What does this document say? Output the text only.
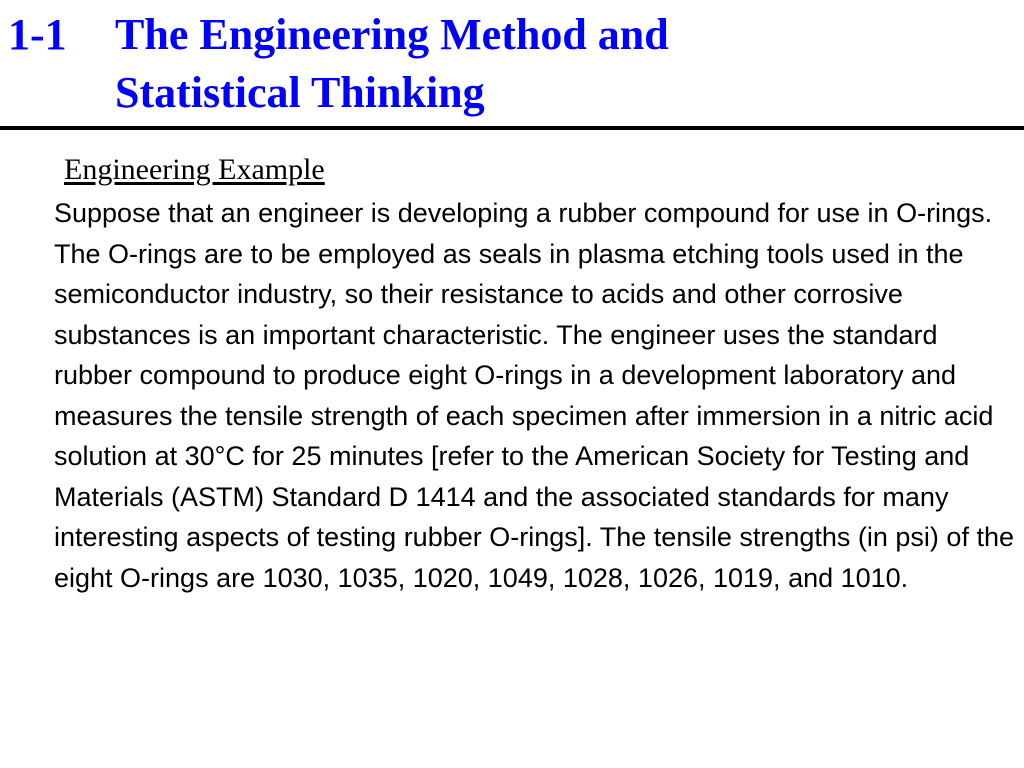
1-1 The Engineering Method and
Statistical Thinking
Engineering Example

Suppose that an engineer is developing a rubber compound for use in O-rings. The O-rings are to be employed as seals in plasma etching tools used in the semiconductor industry, so their resistance to acids and other corrosive substances is an important characteristic. The engineer uses the standard rubber compound to produce eight O-rings in a development laboratory and

measures the tensile strength of each specimen after immersion in a nitric acid solution at 30°C for 25 minutes [refer to the American Society for Testing and Materials (ASTM) Standard D 1414 and the associated standards for many interesting aspects of testing rubber O-rings]. The tensile strengths (in psi) of the eight O-rings are 1030, 1035, 1020, 1049, 1028, 1026, 1019, and 1010.
